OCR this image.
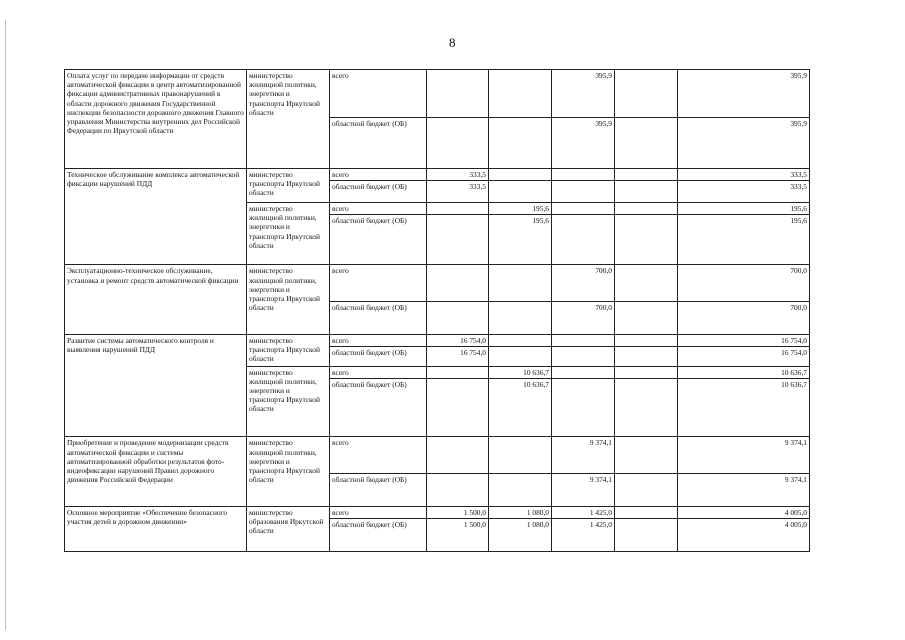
8
Оплата услуг по передаче информации от средств автоматической фиксации в центр автоматизированной фиксации административных правонарушений в области дорожного движения Государственной инспекции безопасности дорожного движения Главного управления Министерства внутренних дел Российской Федерации по Иркутской области	министерство жилищной политики, энергетики и транспорта Иркутской области	всего			395,9		395,9
		областной бюджет (ОБ)			395,9		395,9
Техническое обслуживание комплекса автоматической фиксации нарушений ПДД	министерство транспорта Иркутской области	всего	333,5				333,5
		областной бюджет (ОБ)	333,5				333,5
	министерство жилищной политики, энергетики и транспорта Иркутской области	всего		195,6			195,6
		областной бюджет (ОБ)		195,6			195,6
Эксплуатационно-техническое обслуживание, установка и ремонт средств автоматической фиксации	министерство жилищной политики, энергетики и транспорта Иркутской области	всего			700,0		700,0
		областной бюджет (ОБ)			700,0		700,0
Развитие системы автоматического контроля и выявления нарушений ПДД	министерство транспорта Иркутской области	всего	16 754,0				16 754,0
		областной бюджет (ОБ)	16 754,0				16 754,0
	министерство жилищной политики, энергетики и транспорта Иркутской области	всего		10 636,7			10 636,7
		областной бюджет (ОБ)		10 636,7			10 636,7
Приобретение и проведение модернизации средств автоматической фиксации и системы автоматизированной обработки результатов фото-видеофиксации нарушений Правил дорожного движения Российской Федерации	министерство жилищной политики, энергетики и транспорта Иркутской области	всего			9 374,1		9 374,1
		областной бюджет (ОБ)			9 374,1		9 374,1
Основное мероприятие «Обеспечение безопасного участия детей в дорожном движении»	министерство образования Иркутской области	всего	1 500,0	1 080,0	1 425,0		4 005,0
		областной бюджет (ОБ)	1 500,0	1 080,0	1 425,0		4 005,0
